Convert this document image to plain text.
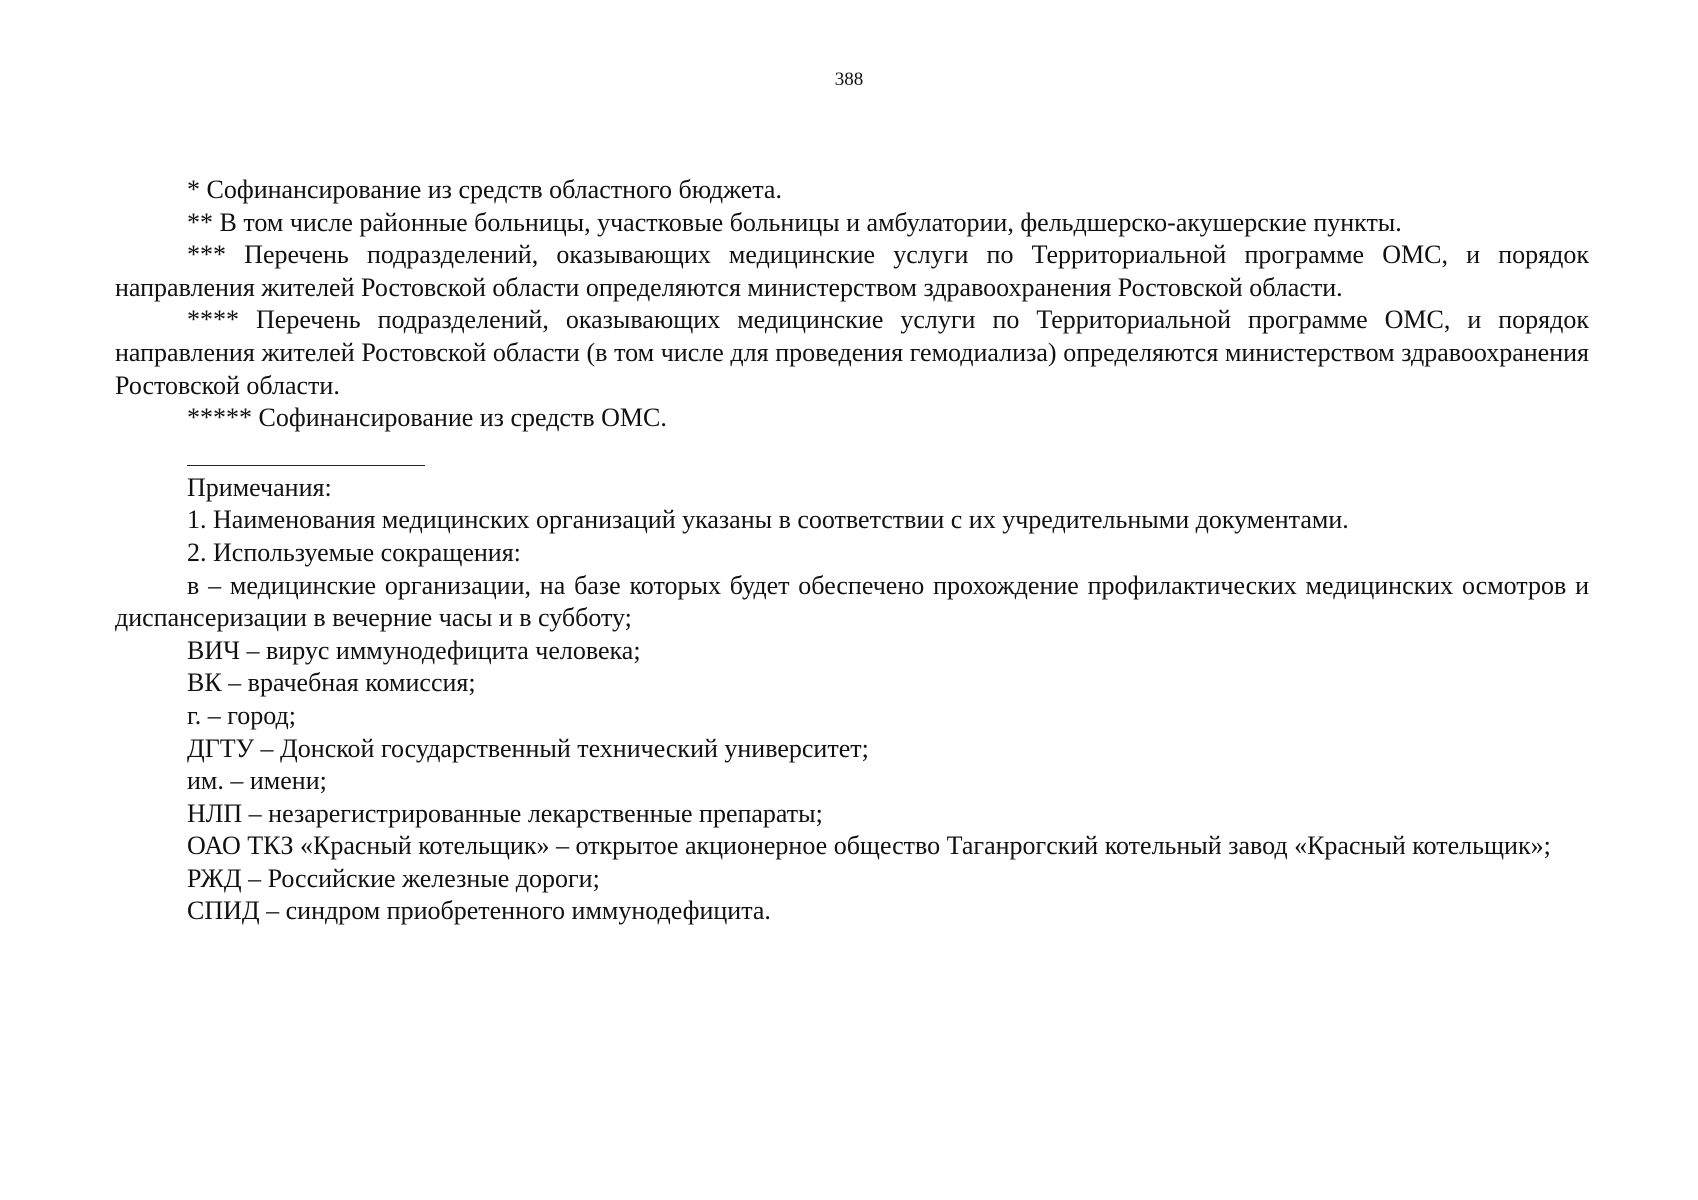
388

* Софинансирование из средств областного бюджета.

** В том числе районные больницы, участковые больницы и амбулатории, фельдшерско-акушерские пункты.

*** Перечень подразделений, оказывающих медицинские услуги по Территориальной программе ОМС, и порядок направления жителей Ростовской области определяются министерством здравоохранения Ростовской области.

**** Перечень подразделений, оказывающих медицинские услуги по Территориальной программе ОМС, и порядок направления жителей Ростовской области (в том числе для проведения гемодиализа) определяются министерством здравоохранения Ростовской области.

***** Софинансирование из средств ОМС.

Примечания:

1. Наименования медицинских организаций указаны в соответствии с их учредительными документами.

2. Используемые сокращения:

в – медицинские организации, на базе которых будет обеспечено прохождение профилактических медицинских осмотров и диспансеризации в вечерние часы и в субботу;

ВИЧ – вирус иммунодефицита человека;

ВК – врачебная комиссия;

г. – город;

ДГТУ – Донской государственный технический университет;

им. – имени;

НЛП – незарегистрированные лекарственные препараты;

ОАО ТКЗ «Красный котельщик» – открытое акционерное общество Таганрогский котельный завод «Красный котельщик»;

РЖД – Российские железные дороги;

СПИД – синдром приобретенного иммунодефицита.
